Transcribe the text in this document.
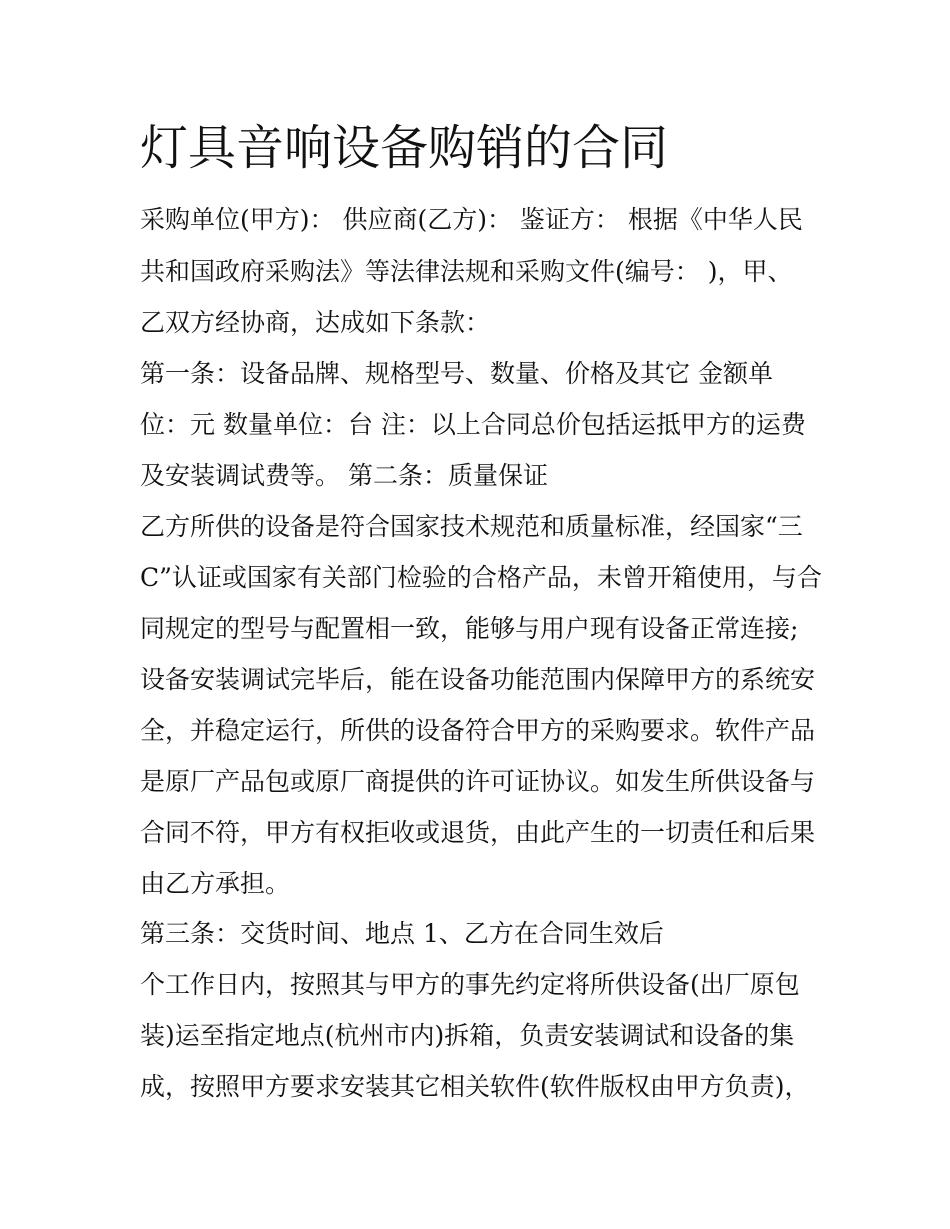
灯具音响设备购销的合同

采购单位(甲方)： 供应商(乙方)： 鉴证方： 根据《中华人民

共和国政府采购法》等法律法规和采购文件(编号： )，甲、

乙双方经协商，达成如下条款：

第一条：设备品牌、规格型号、数量、价格及其它 金额单

位：元 数量单位：台 注：以上合同总价包括运抵甲方的运费

及安装调试费等。 第二条：质量保证

乙方所供的设备是符合国家技术规范和质量标准，经国家“三

C”认证或国家有关部门检验的合格产品，未曾开箱使用，与合

同规定的型号与配置相一致，能够与用户现有设备正常连接;

设备安装调试完毕后，能在设备功能范围内保障甲方的系统安

全，并稳定运行，所供的设备符合甲方的采购要求。软件产品

是原厂产品包或原厂商提供的许可证协议。如发生所供设备与

合同不符，甲方有权拒收或退货，由此产生的一切责任和后果

由乙方承担。

第三条：交货时间、地点 1、乙方在合同生效后

个工作日内，按照其与甲方的事先约定将所供设备(出厂原包

装)运至指定地点(杭州市内)拆箱，负责安装调试和设备的集

成，按照甲方要求安装其它相关软件(软件版权由甲方负责)，
